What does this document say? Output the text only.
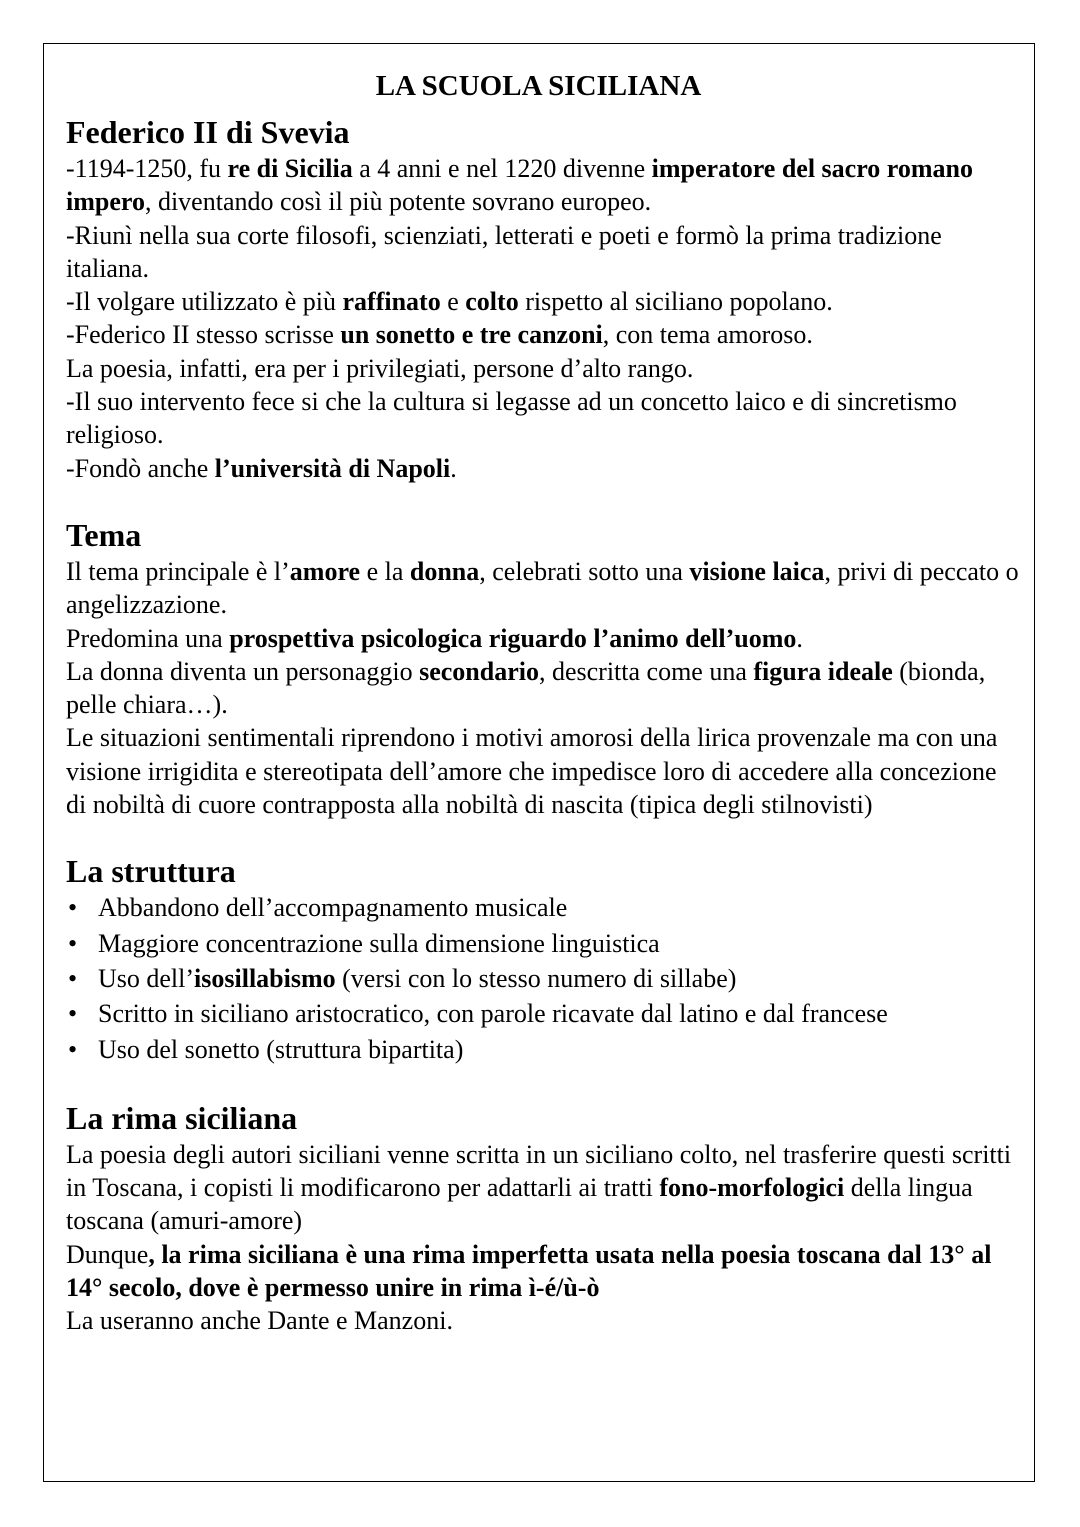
LA SCUOLA SICILIANA
Federico II di Svevia

-1194-1250, fu re di Sicilia a 4 anni e nel 1220 divenne imperatore del sacro romano impero, diventando così il più potente sovrano europeo.

-Riunì nella sua corte filosofi, scienziati, letterati e poeti e formò la prima tradizione italiana.

-Il volgare utilizzato è più raffinato e colto rispetto al siciliano popolano.

-Federico II stesso scrisse un sonetto e tre canzoni, con tema amoroso.

La poesia, infatti, era per i privilegiati, persone d’alto rango.

-Il suo intervento fece si che la cultura si legasse ad un concetto laico e di sincretismo religioso.

-Fondò anche l’università di Napoli.

Tema

Il tema principale è l’amore e la donna, celebrati sotto una visione laica, privi di peccato o angelizzazione.

Predomina una prospettiva psicologica riguardo l’animo dell’uomo.

La donna diventa un personaggio secondario, descritta come una figura ideale (bionda, pelle chiara…).

Le situazioni sentimentali riprendono i motivi amorosi della lirica provenzale ma con una visione irrigidita e stereotipata dell’amore che impedisce loro di accedere alla concezione di nobiltà di cuore contrapposta alla nobiltà di nascita (tipica degli stilnovisti)

La struttura
• Abbandono dell’accompagnamento musicale
• Maggiore concentrazione sulla dimensione linguistica
• Uso dell’isosillabismo (versi con lo stesso numero di sillabe)
• Scritto in siciliano aristocratico, con parole ricavate dal latino e dal francese
• Uso del sonetto (struttura bipartita)
La rima siciliana

La poesia degli autori siciliani venne scritta in un siciliano colto, nel trasferire questi scritti in Toscana, i copisti li modificarono per adattarli ai tratti fono-morfologici della lingua toscana (amuri-amore)

Dunque, la rima siciliana è una rima imperfetta usata nella poesia toscana dal 13° al 14° secolo, dove è permesso unire in rima ì-é/ù-ò

La useranno anche Dante e Manzoni.
